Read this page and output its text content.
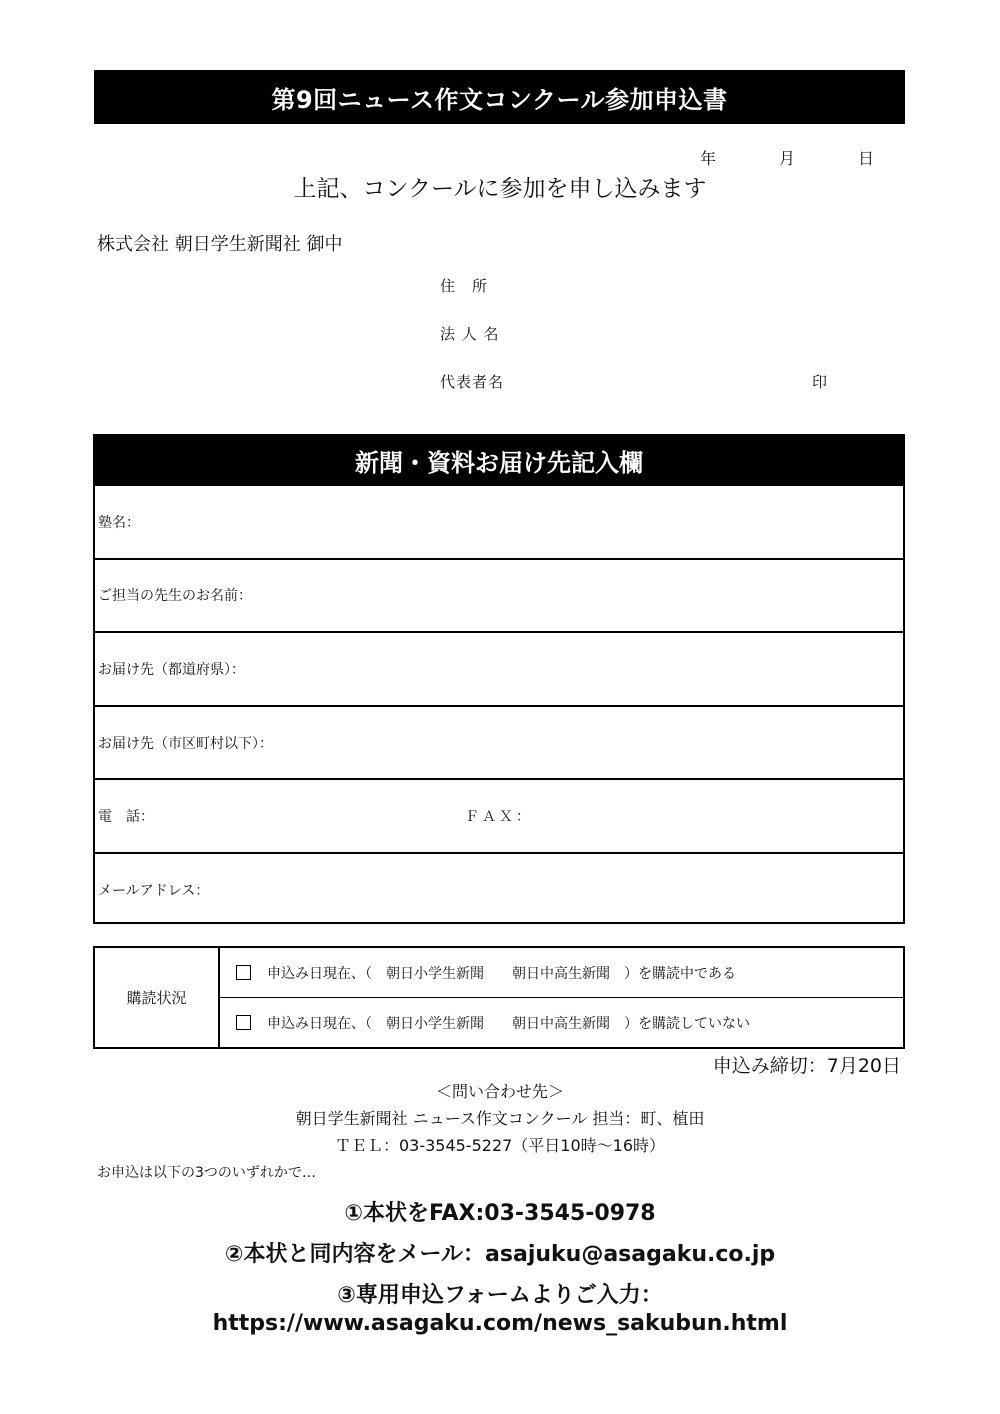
第9回ニュース作文コンクール参加申込書
年	月	日
上記、コンクールに参加を申し込みます
株式会社 朝日学生新聞社 御中
住　所
法 人 名
代表者名	印
新聞・資料お届け先記入欄
塾名：
ご担当の先生のお名前：
お届け先（都道府県）：
お届け先（市区町村以下）：
電　話：	ＦＡＸ：
メールアドレス：
購読状況
申込み日現在、（　朝日小学生新聞　　朝日中高生新聞　）を購読中である
申込み日現在、（　朝日小学生新聞　　朝日中高生新聞　）を購読していない
申込み締切：7月20日
＜問い合わせ先＞
朝日学生新聞社 ニュース作文コンクール 担当：町、植田
ＴＥＬ：03-3545-5227（平日10時～16時）
お申込は以下の3つのいずれかで…
①本状をFAX:03-3545-0978
②本状と同内容をメール：asajuku@asagaku.co.jp
③専用申込フォームよりご入力：
https://www.asagaku.com/news_sakubun.html
